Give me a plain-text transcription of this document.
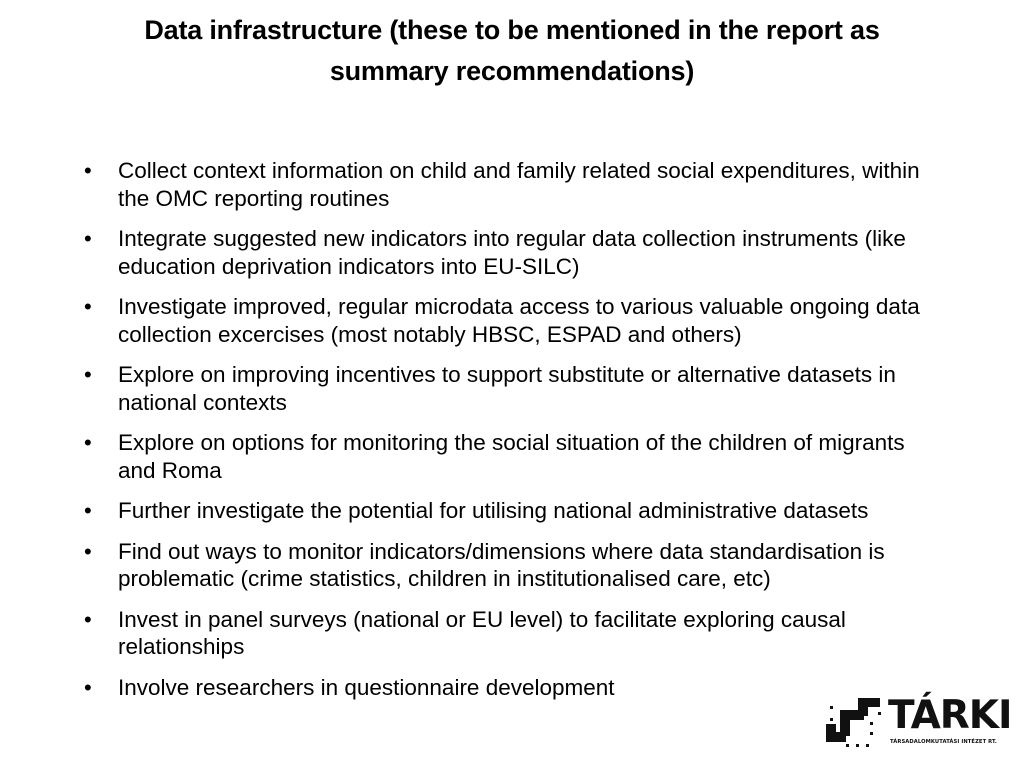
Data infrastructure (these to be mentioned in the report as
summary recommendations)
•	Collect context information on child and family related social expenditures, within the OMC reporting routines
•	Integrate suggested new indicators into regular data collection instruments (like education deprivation indicators into EU-SILC)
•	Investigate improved, regular microdata access to various valuable ongoing data collection excercises (most notably HBSC, ESPAD and others)
•	Explore on improving incentives to support substitute or alternative datasets in national contexts
•	Explore on options for monitoring the social situation of the children of migrants and Roma
•	Further investigate the potential for utilising national administrative datasets
•	Find out ways to monitor indicators/dimensions where data standardisation is problematic (crime statistics, children in institutionalised care, etc)
•	Invest in panel surveys (national or EU level) to facilitate exploring causal relationships
•	Involve researchers in questionnaire development
TÁRKI
TÁRSADALOMKUTATÁSI INTÉZET RT.
